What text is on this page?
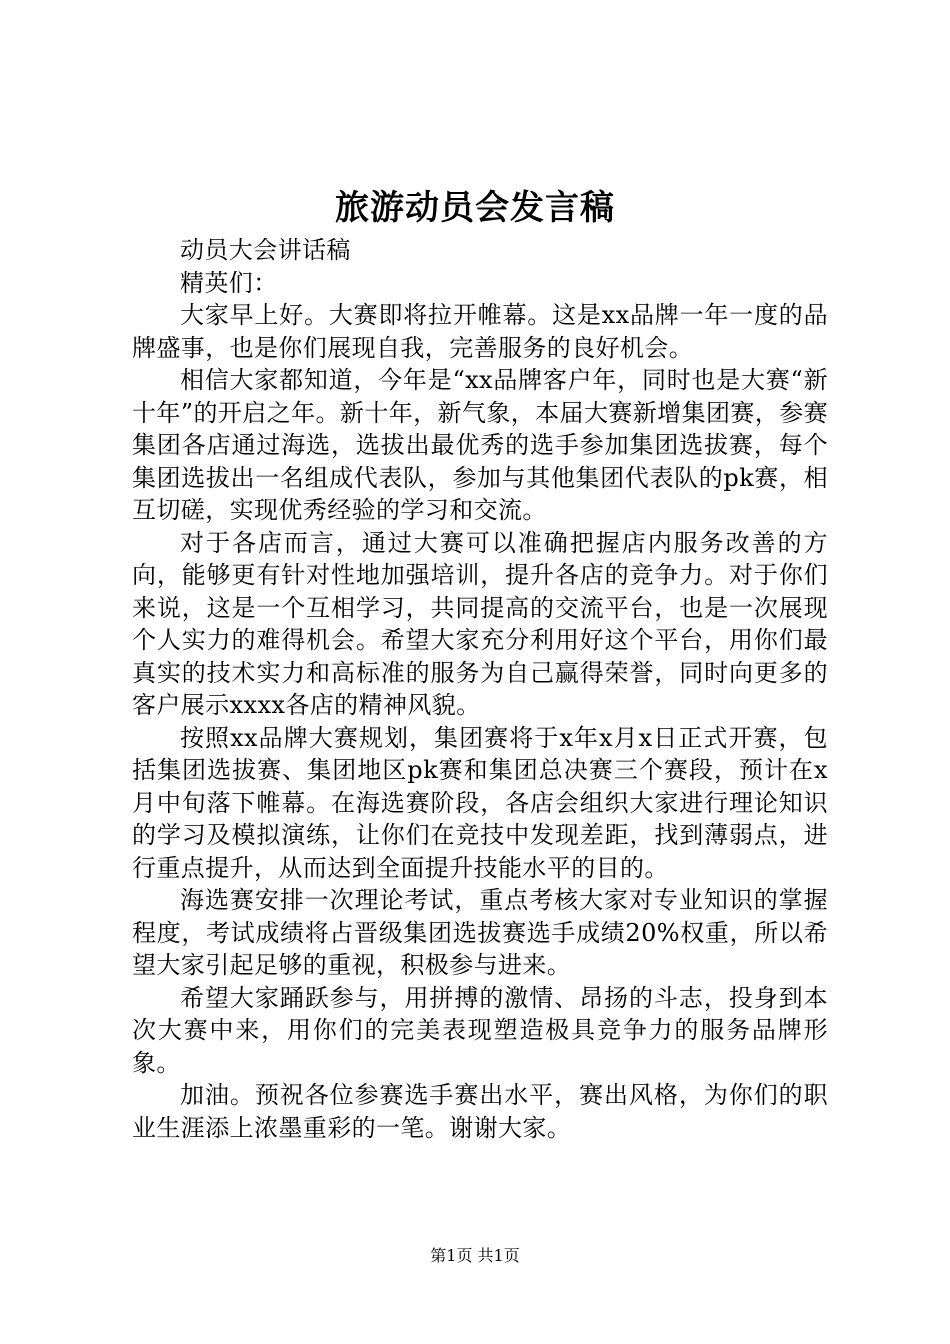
旅游动员会发言稿

动员大会讲话稿

精英们：

大家早上好。大赛即将拉开帷幕。这是xx品牌一年一度的品牌盛事，也是你们展现自我，完善服务的良好机会。

相信大家都知道，今年是“xx品牌客户年，同时也是大赛“新十年”的开启之年。新十年，新气象，本届大赛新增集团赛，参赛集团各店通过海选，选拔出最优秀的选手参加集团选拔赛，每个集团选拔出一名组成代表队，参加与其他集团代表队的pk赛，相互切磋，实现优秀经验的学习和交流。

对于各店而言，通过大赛可以准确把握店内服务改善的方向，能够更有针对性地加强培训，提升各店的竞争力。对于你们来说，这是一个互相学习，共同提高的交流平台，也是一次展现个人实力的难得机会。希望大家充分利用好这个平台，用你们最真实的技术实力和高标准的服务为自己赢得荣誉，同时向更多的客户展示xxxx各店的精神风貌。

按照xx品牌大赛规划，集团赛将于x年x月x日正式开赛，包括集团选拔赛、集团地区pk赛和集团总决赛三个赛段，预计在x月中旬落下帷幕。在海选赛阶段，各店会组织大家进行理论知识的学习及模拟演练，让你们在竞技中发现差距，找到薄弱点，进行重点提升，从而达到全面提升技能水平的目的。

海选赛安排一次理论考试，重点考核大家对专业知识的掌握程度，考试成绩将占晋级集团选拔赛选手成绩20%权重，所以希望大家引起足够的重视，积极参与进来。

希望大家踊跃参与，用拼搏的激情、昂扬的斗志，投身到本次大赛中来，用你们的完美表现塑造极具竞争力的服务品牌形象。

加油。预祝各位参赛选手赛出水平，赛出风格，为你们的职业生涯添上浓墨重彩的一笔。谢谢大家。

第1页 共1页
